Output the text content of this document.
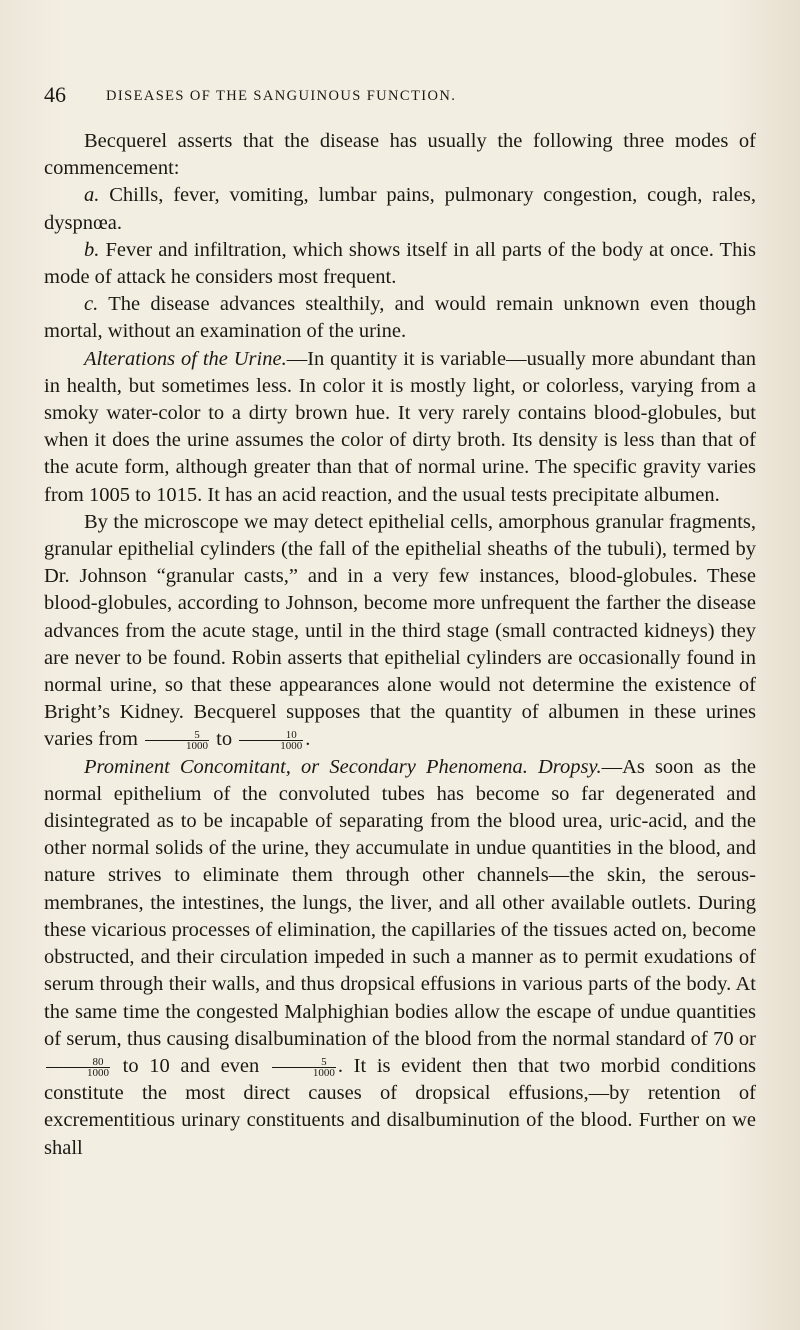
46	DISEASES OF THE SANGUINOUS FUNCTION.

Becquerel asserts that the disease has usually the following three modes of commencement:

a. Chills, fever, vomiting, lumbar pains, pulmonary congestion, cough, rales, dyspnœa.

b. Fever and infiltration, which shows itself in all parts of the body at once. This mode of attack he considers most frequent.

c. The disease advances stealthily, and would remain unknown even though mortal, without an examination of the urine.

Alterations of the Urine.—In quantity it is variable—usually more abundant than in health, but sometimes less. In color it is mostly light, or colorless, varying from a smoky water-color to a dirty brown hue. It very rarely contains blood-globules, but when it does the urine assumes the color of dirty broth. Its density is less than that of the acute form, although greater than that of normal urine. The specific gravity varies from 1005 to 1015. It has an acid reaction, and the usual tests precipitate albumen.

By the microscope we may detect epithelial cells, amorphous granular fragments, granular epithelial cylinders (the fall of the epithelial sheaths of the tubuli), termed by Dr. Johnson “granular casts,” and in a very few instances, blood-globules. These blood-globules, according to Johnson, become more unfrequent the farther the disease advances from the acute stage, until in the third stage (small contracted kidneys) they are never to be found. Robin asserts that epithelial cylinders are occasionally found in normal urine, so that these appearances alone would not determine the existence of Bright’s Kidney. Becquerel supposes that the quantity of albumen in these urines varies from $\frac{5}{1000}$ to $\frac{10}{1000}$ .

Prominent Concomitant, or Secondary Phenomena. Dropsy.—As soon as the normal epithelium of the convoluted tubes has become so far degenerated and disintegrated as to be incapable of separating from the blood urea, uric-acid, and the other normal solids of the urine, they accumulate in undue quantities in the blood, and nature strives to eliminate them through other channels—the skin, the serous-membranes, the intestines, the lungs, the liver, and all other available outlets. During these vicarious processes of elimination, the capillaries of the tissues acted on, become obstructed, and their circulation impeded in such a manner as to permit exudations of serum through their walls, and thus dropsical effusions in various parts of the body. At the same time the congested Malphighian bodies allow the escape of undue quantities of serum, thus causing disalbumination of the blood from the normal standard of 70 or
$\frac{80}{1000}$ to 10 and even $\frac{5}{1000}$ . It is evident then that two morbid conditions constitute the most direct causes of dropsical effusions,—by retention of excrementitious urinary constituents and disalbuminution of the blood. Further on we shall
